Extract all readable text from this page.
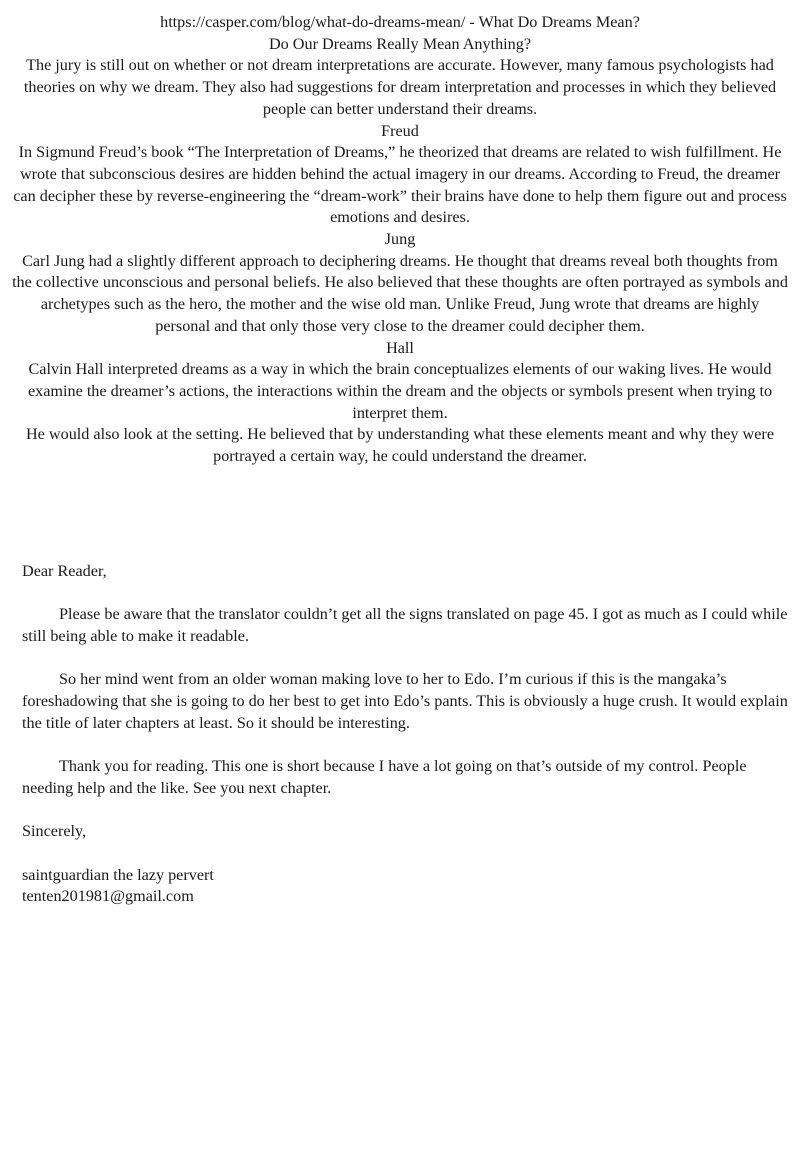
https://casper.com/blog/what-do-dreams-mean/ - What Do Dreams Mean?

Do Our Dreams Really Mean Anything?

The jury is still out on whether or not dream interpretations are accurate. However, many famous psychologists had theories on why we dream. They also had suggestions for dream interpretation and processes in which they believed people can better understand their dreams.

Freud

In Sigmund Freud’s book “The Interpretation of Dreams,” he theorized that dreams are related to wish fulfillment. He wrote that subconscious desires are hidden behind the actual imagery in our dreams. According to Freud, the dreamer can decipher these by reverse-engineering the “dream-work” their brains have done to help them figure out and process emotions and desires.

Jung

Carl Jung had a slightly different approach to deciphering dreams. He thought that dreams reveal both thoughts from the collective unconscious and personal beliefs. He also believed that these thoughts are often portrayed as symbols and archetypes such as the hero, the mother and the wise old man. Unlike Freud, Jung wrote that dreams are highly personal and that only those very close to the dreamer could decipher them.

Hall

Calvin Hall interpreted dreams as a way in which the brain conceptualizes elements of our waking lives. He would examine the dreamer’s actions, the interactions within the dream and the objects or symbols present when trying to interpret them.

He would also look at the setting. He believed that by understanding what these elements meant and why they were portrayed a certain way, he could understand the dreamer.

Dear Reader,

Please be aware that the translator couldn’t get all the signs translated on page 45. I got as much as I could while still being able to make it readable.

So her mind went from an older woman making love to her to Edo. I’m curious if this is the mangaka’s foreshadowing that she is going to do her best to get into Edo’s pants. This is obviously a huge crush. It would explain the title of later chapters at least. So it should be interesting.

Thank you for reading. This one is short because I have a lot going on that’s outside of my control. People needing help and the like. See you next chapter.

Sincerely,

saintguardian the lazy pervert

tenten201981@gmail.com
